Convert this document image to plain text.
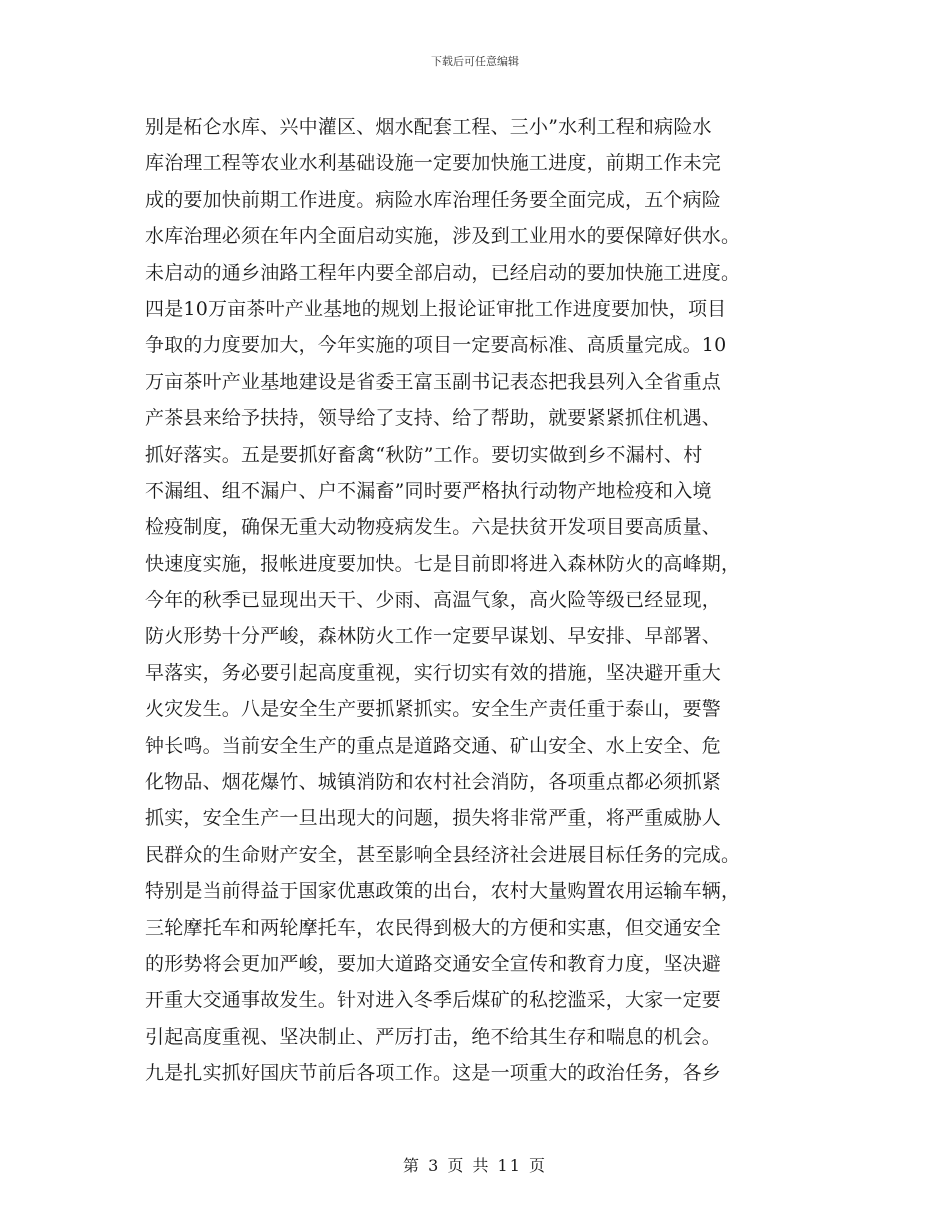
下载后可任意编辑
别是柘仑水库、兴中灌区、烟水配套工程、三小”水利工程和病险水
库治理工程等农业水利基础设施一定要加快施工进度，前期工作未完
成的要加快前期工作进度。病险水库治理任务要全面完成，五个病险
水库治理必须在年内全面启动实施，涉及到工业用水的要保障好供水。
未启动的通乡油路工程年内要全部启动，已经启动的要加快施工进度。
四是10万亩茶叶产业基地的规划上报论证审批工作进度要加快，项目
争取的力度要加大，今年实施的项目一定要高标准、高质量完成。10
万亩茶叶产业基地建设是省委王富玉副书记表态把我县列入全省重点
产茶县来给予扶持，领导给了支持、给了帮助，就要紧紧抓住机遇、
抓好落实。五是要抓好畜禽“秋防”工作。要切实做到乡不漏村、村
不漏组、组不漏户、户不漏畜”同时要严格执行动物产地检疫和入境
检疫制度，确保无重大动物疫病发生。六是扶贫开发项目要高质量、
快速度实施，报帐进度要加快。七是目前即将进入森林防火的高峰期，
今年的秋季已显现出天干、少雨、高温气象，高火险等级已经显现，
防火形势十分严峻，森林防火工作一定要早谋划、早安排、早部署、
早落实，务必要引起高度重视，实行切实有效的措施，坚决避开重大
火灾发生。八是安全生产要抓紧抓实。安全生产责任重于泰山，要警
钟长鸣。当前安全生产的重点是道路交通、矿山安全、水上安全、危
化物品、烟花爆竹、城镇消防和农村社会消防，各项重点都必须抓紧
抓实，安全生产一旦出现大的问题，损失将非常严重，将严重威胁人
民群众的生命财产安全，甚至影响全县经济社会进展目标任务的完成。
特别是当前得益于国家优惠政策的出台，农村大量购置农用运输车辆，
三轮摩托车和两轮摩托车，农民得到极大的方便和实惠，但交通安全
的形势将会更加严峻，要加大道路交通安全宣传和教育力度，坚决避
开重大交通事故发生。针对进入冬季后煤矿的私挖滥采，大家一定要
引起高度重视、坚决制止、严厉打击，绝不给其生存和喘息的机会。
九是扎实抓好国庆节前后各项工作。这是一项重大的政治任务，各乡
第 3 页 共 11 页
